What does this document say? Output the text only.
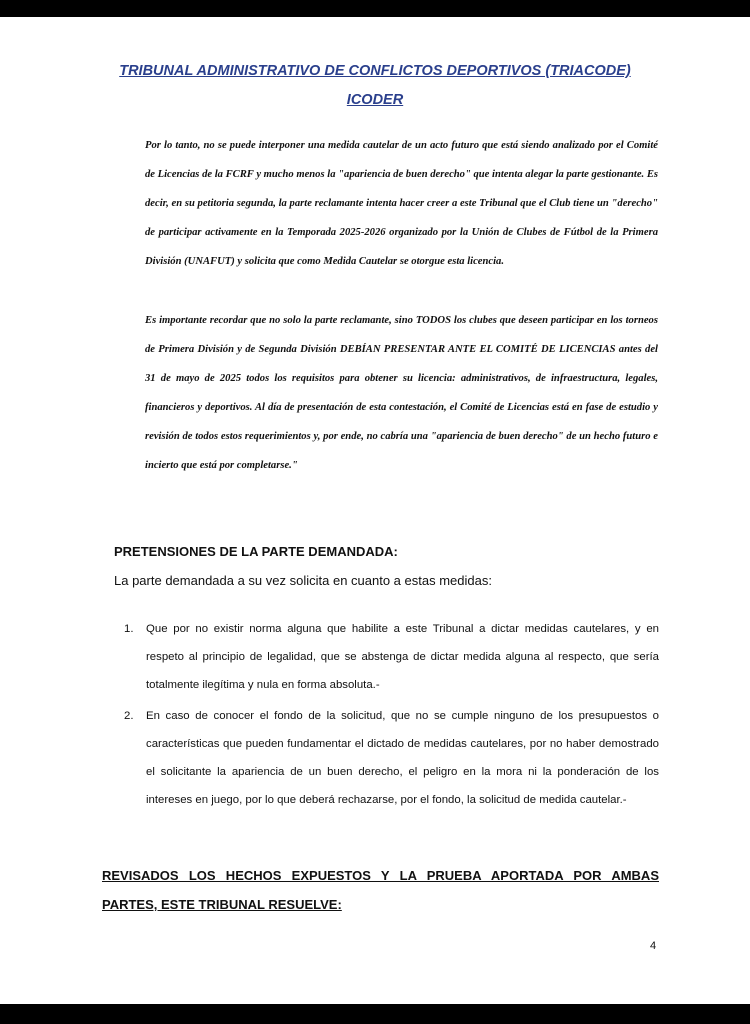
TRIBUNAL ADMINISTRATIVO DE CONFLICTOS DEPORTIVOS (TRIACODE)
ICODER

Por lo tanto, no se puede interponer una medida cautelar de un acto futuro que está siendo analizado por el Comité de Licencias de la FCRF y mucho menos la "apariencia de buen derecho" que intenta alegar la parte gestionante. Es decir, en su petitoria segunda, la parte reclamante intenta hacer creer a este Tribunal que el Club tiene un "derecho" de participar activamente en la Temporada 2025-2026 organizado por la Unión de Clubes de Fútbol de la Primera División (UNAFUT) y solicita que como Medida Cautelar se otorgue esta licencia.

Es importante recordar que no solo la parte reclamante, sino TODOS los clubes que deseen participar en los torneos de Primera División y de Segunda División DEBÍAN PRESENTAR ANTE EL COMITÉ DE LICENCIAS antes del 31 de mayo de 2025 todos los requisitos para obtener su licencia: administrativos, de infraestructura, legales, financieros y deportivos. Al día de presentación de esta contestación, el Comité de Licencias está en fase de estudio y revisión de todos estos requerimientos y, por ende, no cabría una "apariencia de buen derecho" de un hecho futuro e incierto que está por completarse."

PRETENSIONES DE LA PARTE DEMANDADA:
La parte demandada a su vez solicita en cuanto a estas medidas:
1. Que por no existir norma alguna que habilite a este Tribunal a dictar medidas cautelares, y en respeto al principio de legalidad, que se abstenga de dictar medida alguna al respecto, que sería totalmente ilegítima y nula en forma absoluta.-
2. En caso de conocer el fondo de la solicitud, que no se cumple ninguno de los presupuestos o características que pueden fundamentar el dictado de medidas cautelares, por no haber demostrado el solicitante la apariencia de un buen derecho, el peligro en la mora ni la ponderación de los intereses en juego, por lo que deberá rechazarse, por el fondo, la solicitud de medida cautelar.-
REVISADOS LOS HECHOS EXPUESTOS Y LA PRUEBA APORTADA POR AMBAS
PARTES, ESTE TRIBUNAL RESUELVE:
4
